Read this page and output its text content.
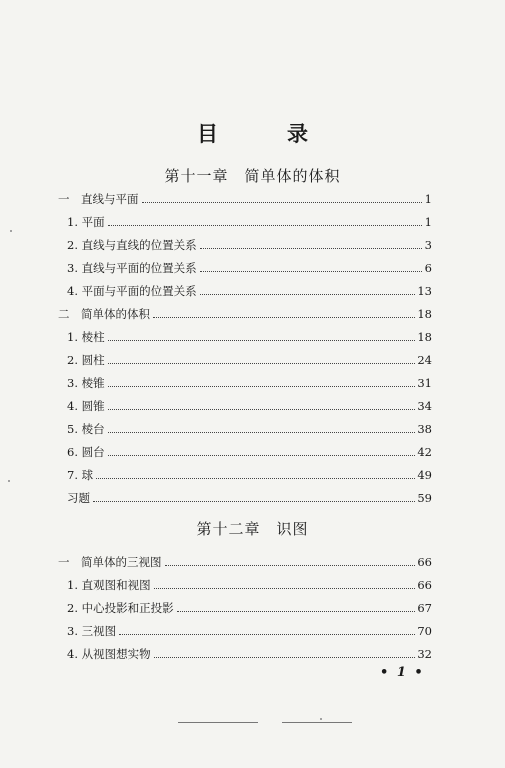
目　录
第十一章　简单体的体积
一　直线与平面	1
1. 平面	1
2. 直线与直线的位置关系	3
3. 直线与平面的位置关系	6
4. 平面与平面的位置关系	13
二　简单体的体积	18
1. 棱柱	18
2. 圆柱	24
3. 棱锥	31
4. 圆锥	34
5. 棱台	38
6. 圆台	42
7. 球	49
习题	59
第十二章　识图
一　简单体的三视图	66
1. 直观图和视图	66
2. 中心投影和正投影	67
3. 三视图	70
4. 从视图想实物	32
• 1 •
